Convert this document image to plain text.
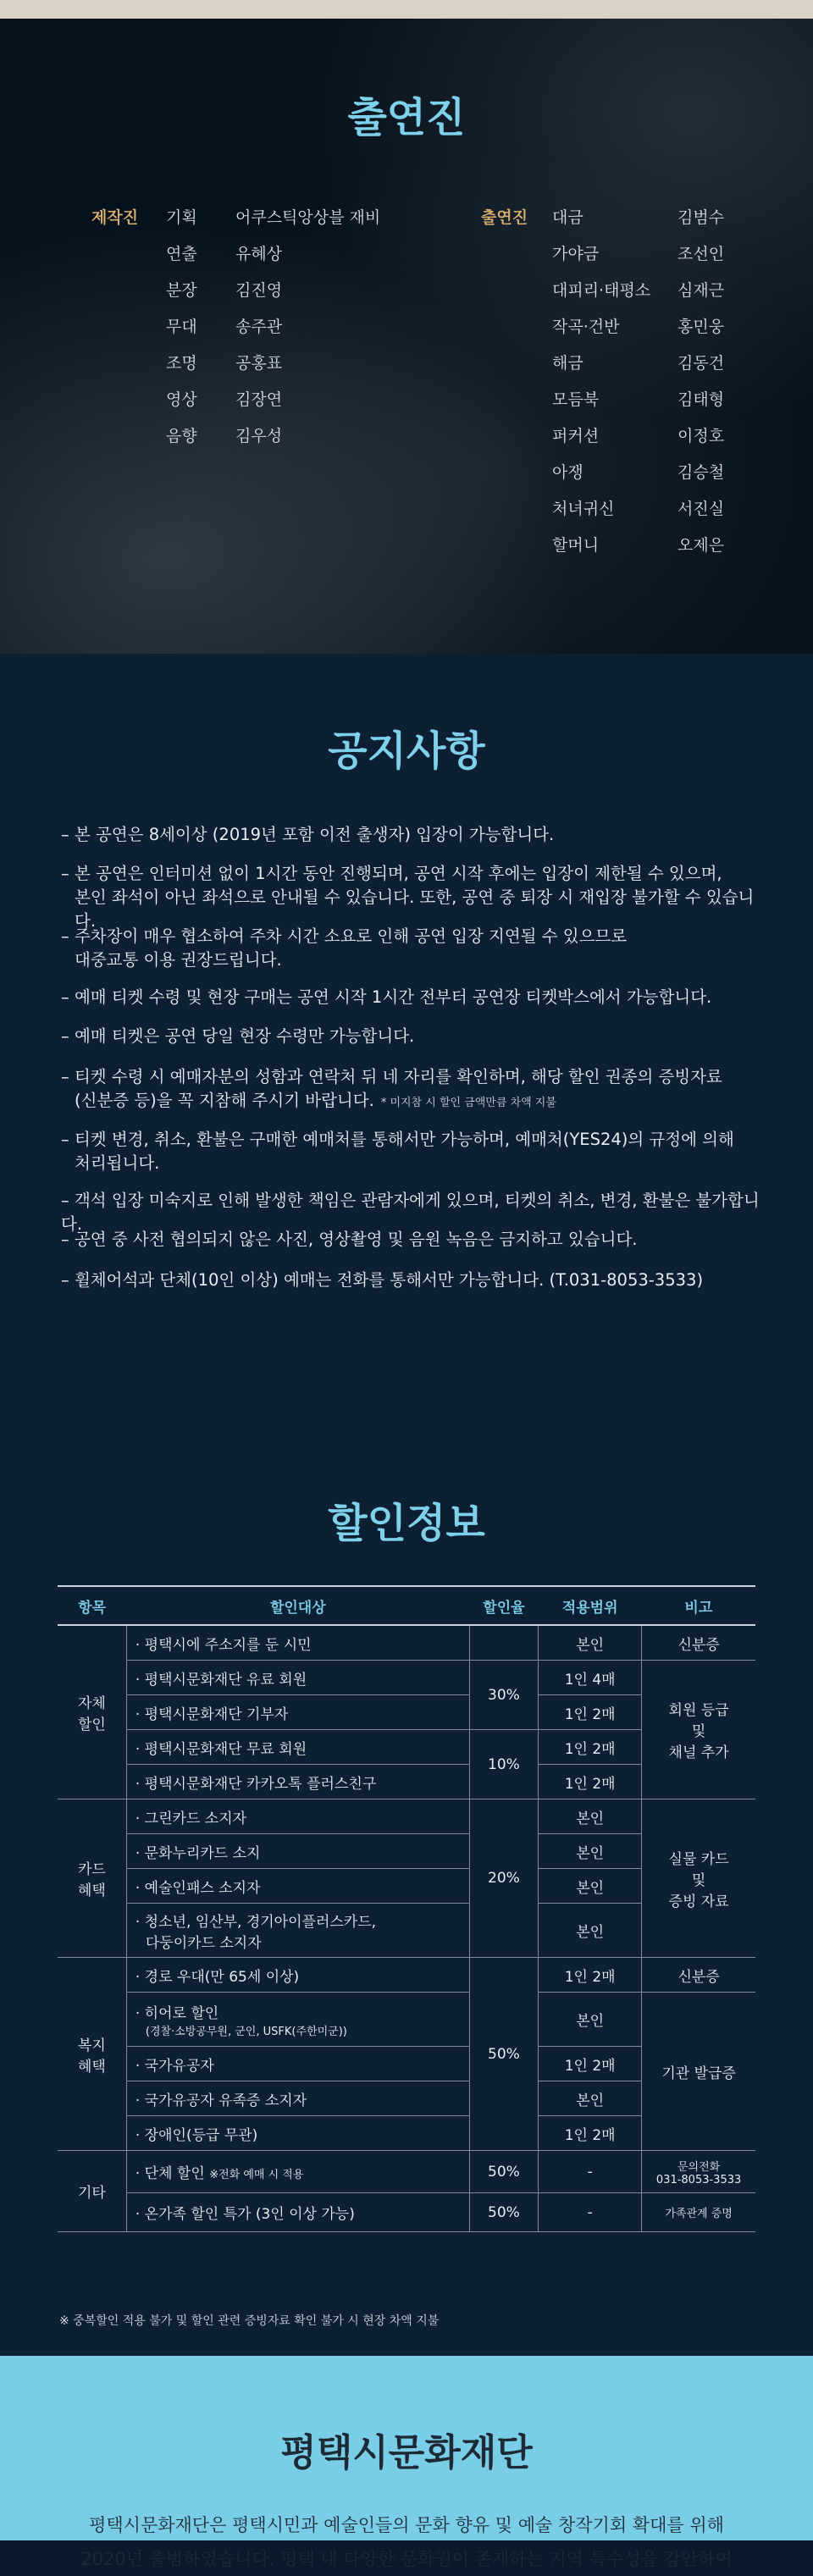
출연진
제작진 기획 어쿠스틱앙상블 재비
연출 유혜상
분장 김진영
무대 송주관
조명 공홍표
영상 김장연
음향 김우성
출연진 대금	김범수
가야금	조선인
대피리·태평소 심재근
작곡·건반	홍민웅
해금	김동건
모듬북	김태형
퍼커션	이정호
아쟁	김승철
처녀귀신	서진실
할머니	오제은
공지사항
– 본 공연은 8세이상 (2019년 포함 이전 출생자) 입장이 가능합니다.
– 본 공연은 인터미션 없이 1시간 동안 진행되며, 공연 시작 후에는 입장이 제한될 수 있으며,
본인 좌석이 아닌 좌석으로 안내될 수 있습니다. 또한, 공연 중 퇴장 시 재입장 불가할 수 있습니다.
– 주차장이 매우 협소하여 주차 시간 소요로 인해 공연 입장 지연될 수 있으므로
대중교통 이용 권장드립니다.
– 예매 티켓 수령 및 현장 구매는 공연 시작 1시간 전부터 공연장 티켓박스에서 가능합니다.
– 예매 티켓은 공연 당일 현장 수령만 가능합니다.
– 티켓 수령 시 예매자분의 성함과 연락처 뒤 네 자리를 확인하며, 해당 할인 권종의 증빙자료
(신분증 등)을 꼭 지참해 주시기 바랍니다. * 미지참 시 할인 금액만큼 차액 지불
– 티켓 변경, 취소, 환불은 구매한 예매처를 통해서만 가능하며, 예매처(YES24)의 규정에 의해
처리됩니다.
– 객석 입장 미숙지로 인해 발생한 책임은 관람자에게 있으며, 티켓의 취소, 변경, 환불은 불가합니다.
– 공연 중 사전 협의되지 않은 사진, 영상촬영 및 음원 녹음은 금지하고 있습니다.
– 휠체어석과 단체(10인 이상) 예매는 전화를 통해서만 가능합니다. (T.031-8053-3533)
할인정보
항목	할인대상	할인율	적용범위	비고
자체
할인	· 평택시에 주소지를 둔 시민		본인	신분증
	· 평택시문화재단 유료 회원	30%	1인 4매	회원 등급
및
채널 추가
	· 평택시문화재단 기부자		1인 2매	
	· 평택시문화재단 무료 회원	10%	1인 2매	
	· 평택시문화재단 카카오톡 플러스친구		1인 2매	
카드
혜택	· 그린카드 소지자	20%	본인	실물 카드
및
증빙 자료
	· 문화누리카드 소지		본인	
	· 예술인패스 소지자		본인	

	· 청소년, 임산부, 경기아이플러스카드,
다둥이카드 소지자		본인	
복지
혜택	· 경로 우대(만 65세 이상)	50%	1인 2매	신분증

	· 히어로 할인
(경찰·소방공무원, 군인, USFK(주한미군))		본인	기관 발급증
	· 국가유공자		1인 2매	
	· 국가유공자 유족증 소지자		본인	
	· 장애인(등급 무관)		1인 2매	
기타	· 단체 할인 ※전화 예매 시 적용	50%	-	문의전화
031-8053-3533
	· 온가족 할인 특가 (3인 이상 가능)	50%	-	가족관계 증명
※ 중복할인 적용 불가 및 할인 관련 증빙자료 확인 불가 시 현장 차액 지불
평택시문화재단
평택시문화재단은 평택시민과 예술인들의 문화 향유 및 예술 창작기회 확대를 위해
2020년 출범하였습니다. 평택 내 다양한 문화권이 존재하는 지역 특수성을 감안하여
